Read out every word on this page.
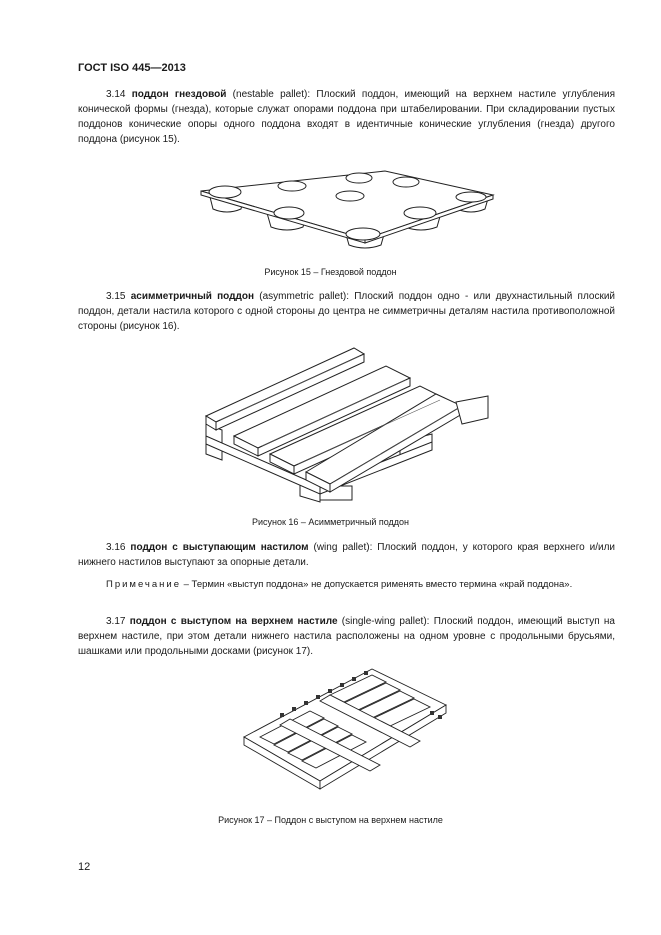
ГОСТ ISO 445—2013

3.14 поддон гнездовой (nestable pallet): Плоский поддон, имеющий на верхнем настиле углубления конической формы (гнезда), которые служат опорами поддона при штабелировании. При складировании пустых поддонов конические опоры одного поддона входят в идентичные конические углубления (гнезда) другого поддона (рисунок 15).

Рисунок 15 – Гнездовой поддон

3.15 асимметричный поддон (asymmetric pallet): Плоский поддон одно - или двухнастильный плоский поддон, детали настила которого с одной стороны до центра не симметричны деталям настила противоположной стороны (рисунок 16).

Рисунок 16 – Асимметричный поддон

3.16 поддон с выступающим настилом (wing pallet): Плоский поддон, у которого края верхнего и/или нижнего настилов выступают за опорные детали.

Примечание – Термин «выступ поддона» не допускается рименять вместо термина «край поддона».

3.17 поддон с выступом на верхнем настиле (single-wing pallet): Плоский поддон, имеющий выступ на верхнем настиле, при этом детали нижнего настила расположены на одном уровне с продольными брусьями, шашками или продольными досками (рисунок 17).

Рисунок 17 – Поддон с выступом на верхнем настиле
12
